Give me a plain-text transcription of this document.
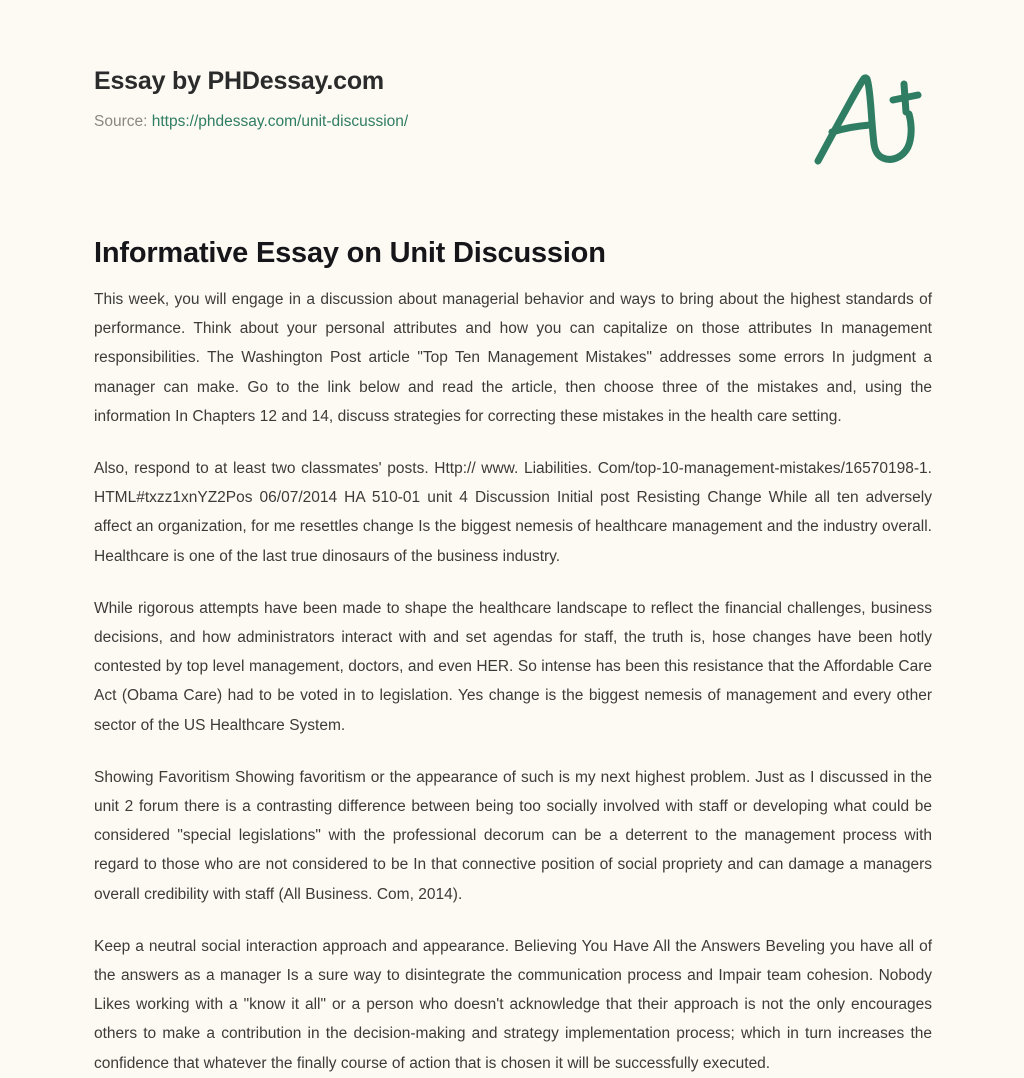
Essay by PHDessay.com
Source: https://phdessay.com/unit-discussion/
Informative Essay on Unit Discussion

This week, you will engage in a discussion about managerial behavior and ways to bring about the highest standards of performance. Think about your personal attributes and how you can capitalize on those attributes In management responsibilities. The Washington Post article "Top Ten Management Mistakes" addresses some errors In judgment a manager can make. Go to the link below and read the article, then choose three of the mistakes and, using the information In Chapters 12 and 14, discuss strategies for correcting these mistakes in the health care setting.

Also, respond to at least two classmates' posts. Http:// www. Liabilities. Com/top-10-management-mistakes/16570198-1. HTML#txzz1xnYZ2Pos 06/07/2014 HA 510-01 unit 4 Discussion Initial post Resisting Change While all ten adversely affect an organization, for me resettles change Is the biggest nemesis of healthcare management and the industry overall. Healthcare is one of the last true dinosaurs of the business industry.

While rigorous attempts have been made to shape the healthcare landscape to reflect the financial challenges, business decisions, and how administrators interact with and set agendas for staff, the truth is, hose changes have been hotly contested by top level management, doctors, and even HER. So intense has been this resistance that the Affordable Care Act (Obama Care) had to be voted in to legislation. Yes change is the biggest nemesis of management and every other sector of the US Healthcare System.

Showing Favoritism Showing favoritism or the appearance of such is my next highest problem. Just as I discussed in the unit 2 forum there is a contrasting difference between being too socially involved with staff or developing what could be considered "special legislations" with the professional decorum can be a deterrent to the management process with regard to those who are not considered to be In that connective position of social propriety and can damage a managers overall credibility with staff (All Business. Com, 2014).

Keep a neutral social interaction approach and appearance. Believing You Have All the Answers Beveling you have all of the answers as a manager Is a sure way to disintegrate the communication process and Impair team cohesion. Nobody Likes working with a "know it all" or a person who doesn't acknowledge that their approach is not the only encourages others to make a contribution in the decision-making and strategy implementation process; which in turn increases the confidence that whatever the finally course of action that is chosen it will be successfully executed.
